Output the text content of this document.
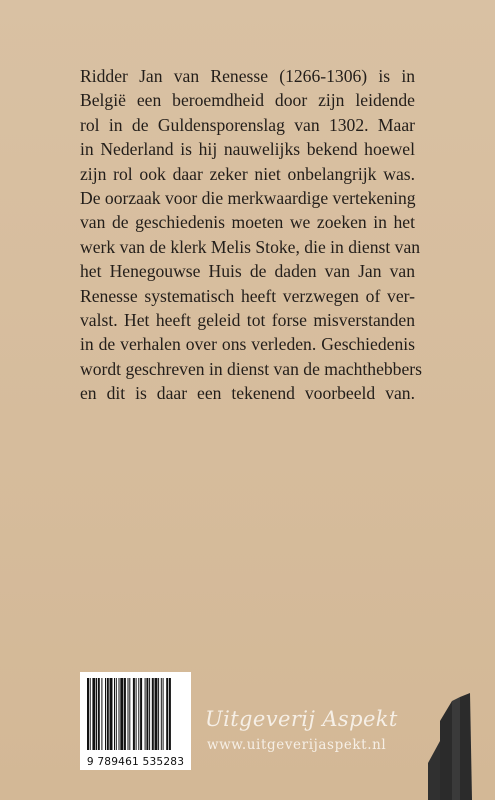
Ridder Jan van Renesse (1266-1306) is in
België een beroemdheid door zijn leidende
rol in de Guldensporenslag van 1302. Maar
in Nederland is hij nauwelijks bekend hoewel
zijn rol ook daar zeker niet onbelangrijk was.
De oorzaak voor die merkwaardige vertekening
van de geschiedenis moeten we zoeken in het
werk van de klerk Melis Stoke, die in dienst van
het Henegouwse Huis de daden van Jan van
Renesse systematisch heeft verzwegen of ver-
valst. Het heeft geleid tot forse misverstanden
in de verhalen over ons verleden. Geschiedenis
wordt geschreven in dienst van de machthebbers
en dit is daar een tekenend voorbeeld van.
9 789461 535283
Uitgeverij Aspekt
www.uitgeverijaspekt.nl
